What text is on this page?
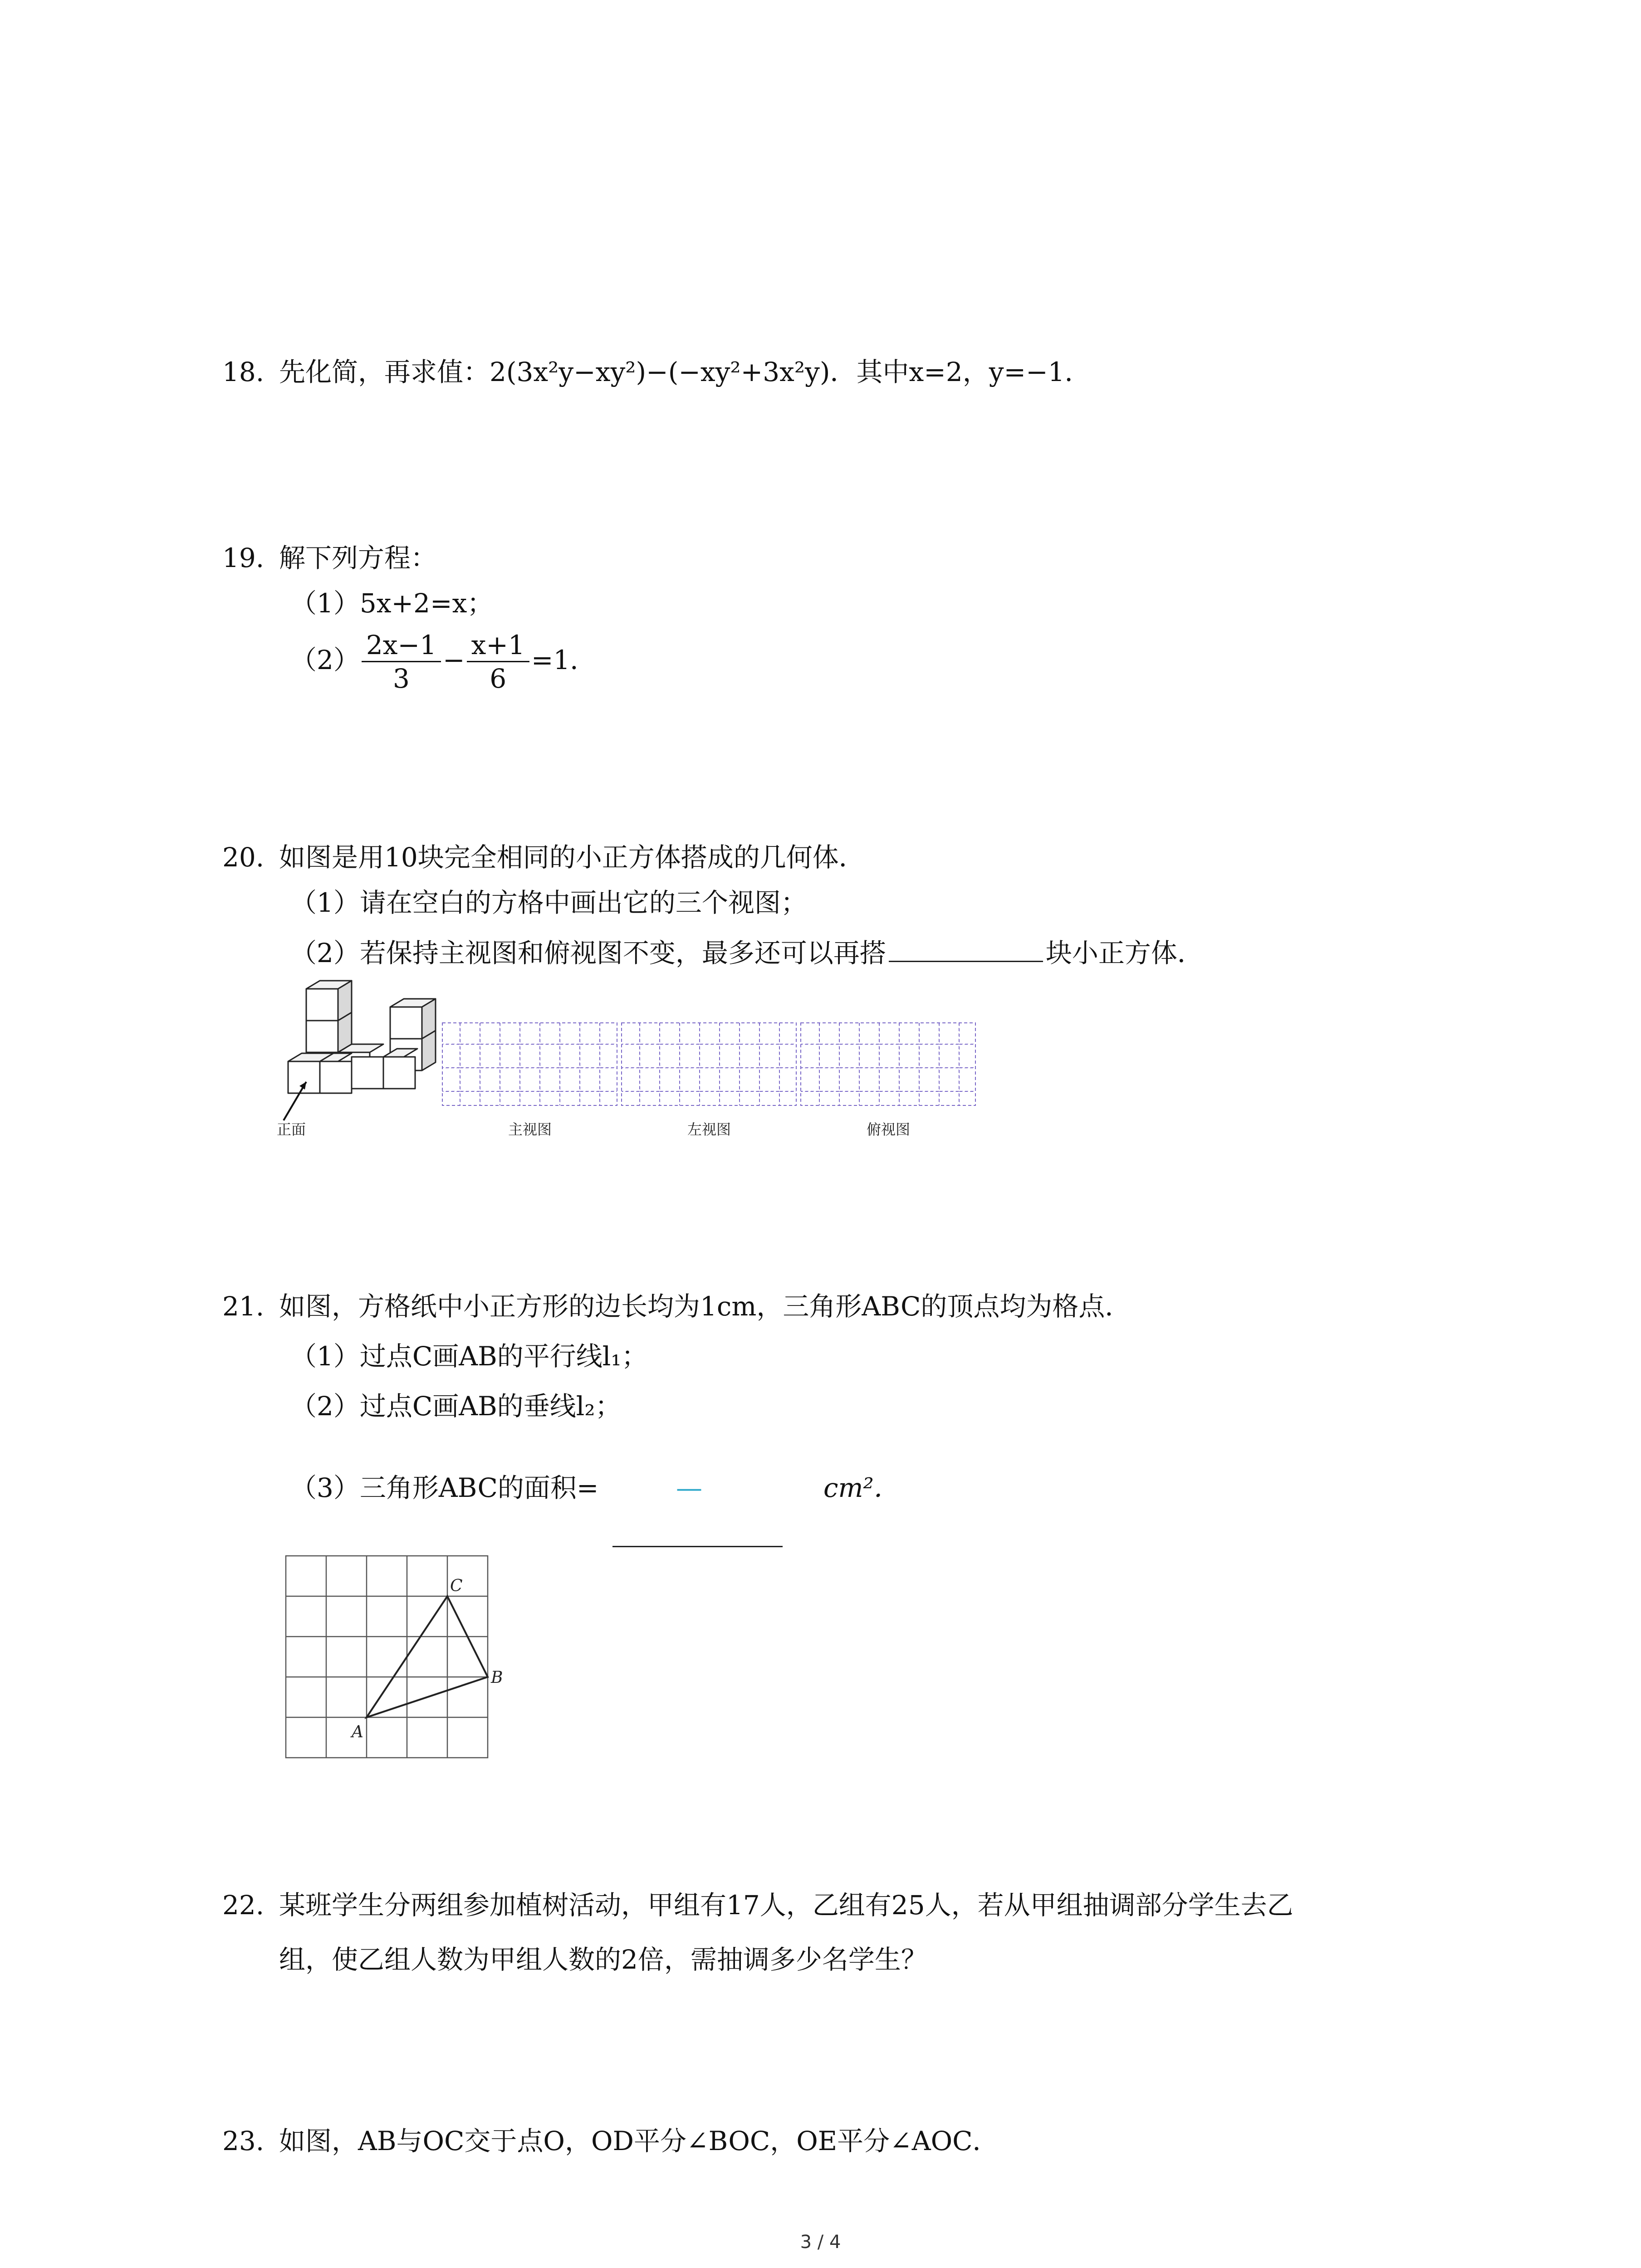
18. 先化简，再求值：2(3x²y−xy²)−(−xy²+3x²y)．其中x=2，y=−1．
19. 解下列方程：
（1）5x+2=x；
$(2) \frac{2x-1}{3} - \frac{x+1}{6} =1$．
20. 如图是用10块完全相同的小正方体搭成的几何体．
（1）请在空白的方格中画出它的三个视图；
（2）若保持主视图和俯视图不变，最多还可以再搭	块小正方体．
正面	主视图	左视图	俯视图
21. 如图，方格纸中小正方形的边长均为1cm，三角形ABC的顶点均为格点．
（1）过点C画AB的平行线l₁；
（2）过点C画AB的垂线l₂；
（3）三角形ABC的面积=	—	cm²．
A
B
C
22. 某班学生分两组参加植树活动，甲组有17人，乙组有25人，若从甲组抽调部分学生去乙
组，使乙组人数为甲组人数的2倍，需抽调多少名学生？
23. 如图，AB与OC交于点O，OD平分∠BOC，OE平分∠AOC．
3 / 4
